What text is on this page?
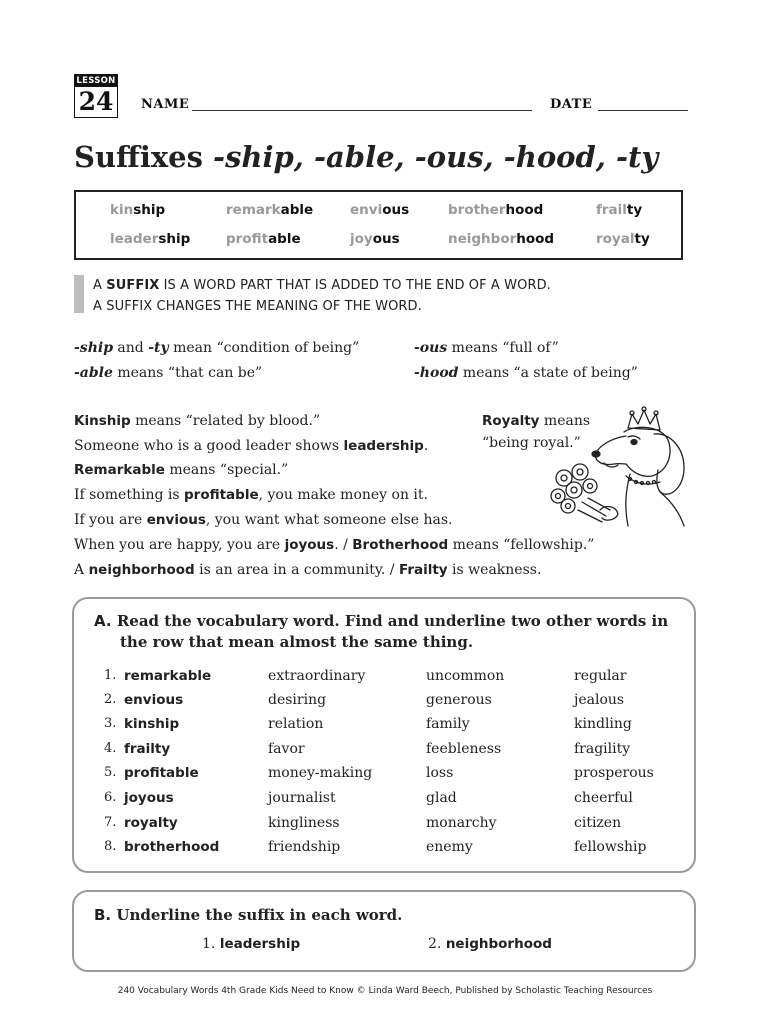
LESSON
24 NAME	DATE
Suffixes -ship, -able, -ous, -hood, -ty
kinship	remarkable	envious	brotherhood	frailty
leadership	profitable	joyous	neighborhood	royalty
A SUFFIX IS A WORD PART THAT IS ADDED TO THE END OF A WORD.
A SUFFIX CHANGES THE MEANING OF THE WORD.
-ship and -ty mean “condition of being”	-ous means “full of”
-able means “that can be”	-hood means “a state of being”
Kinship means “related by blood.”	Royalty means
“being royal.”
Someone who is a good leader shows leadership.
Remarkable means “special.”
If something is profitable, you make money on it.
If you are envious, you want what someone else has.
When you are happy, you are joyous. / Brotherhood means “fellowship.”
A neighborhood is an area in a community. / Frailty is weakness.
A. Read the vocabulary word. Find and underline two other words in
the row that mean almost the same thing.
1. remarkable	extraordinary	uncommon	regular
2. envious	desiring	generous	jealous
3. kinship	relation	family	kindling
4. frailty	favor	feebleness	fragility
5. profitable	money-making	loss	prosperous
6. joyous	journalist	glad	cheerful
7. royalty	kingliness	monarchy	citizen
8. brotherhood	friendship	enemy	fellowship
B. Underline the suffix in each word.
1. leadership	2. neighborhood
240 Vocabulary Words 4th Grade Kids Need to Know © Linda Ward Beech, Published by Scholastic Teaching Resources
